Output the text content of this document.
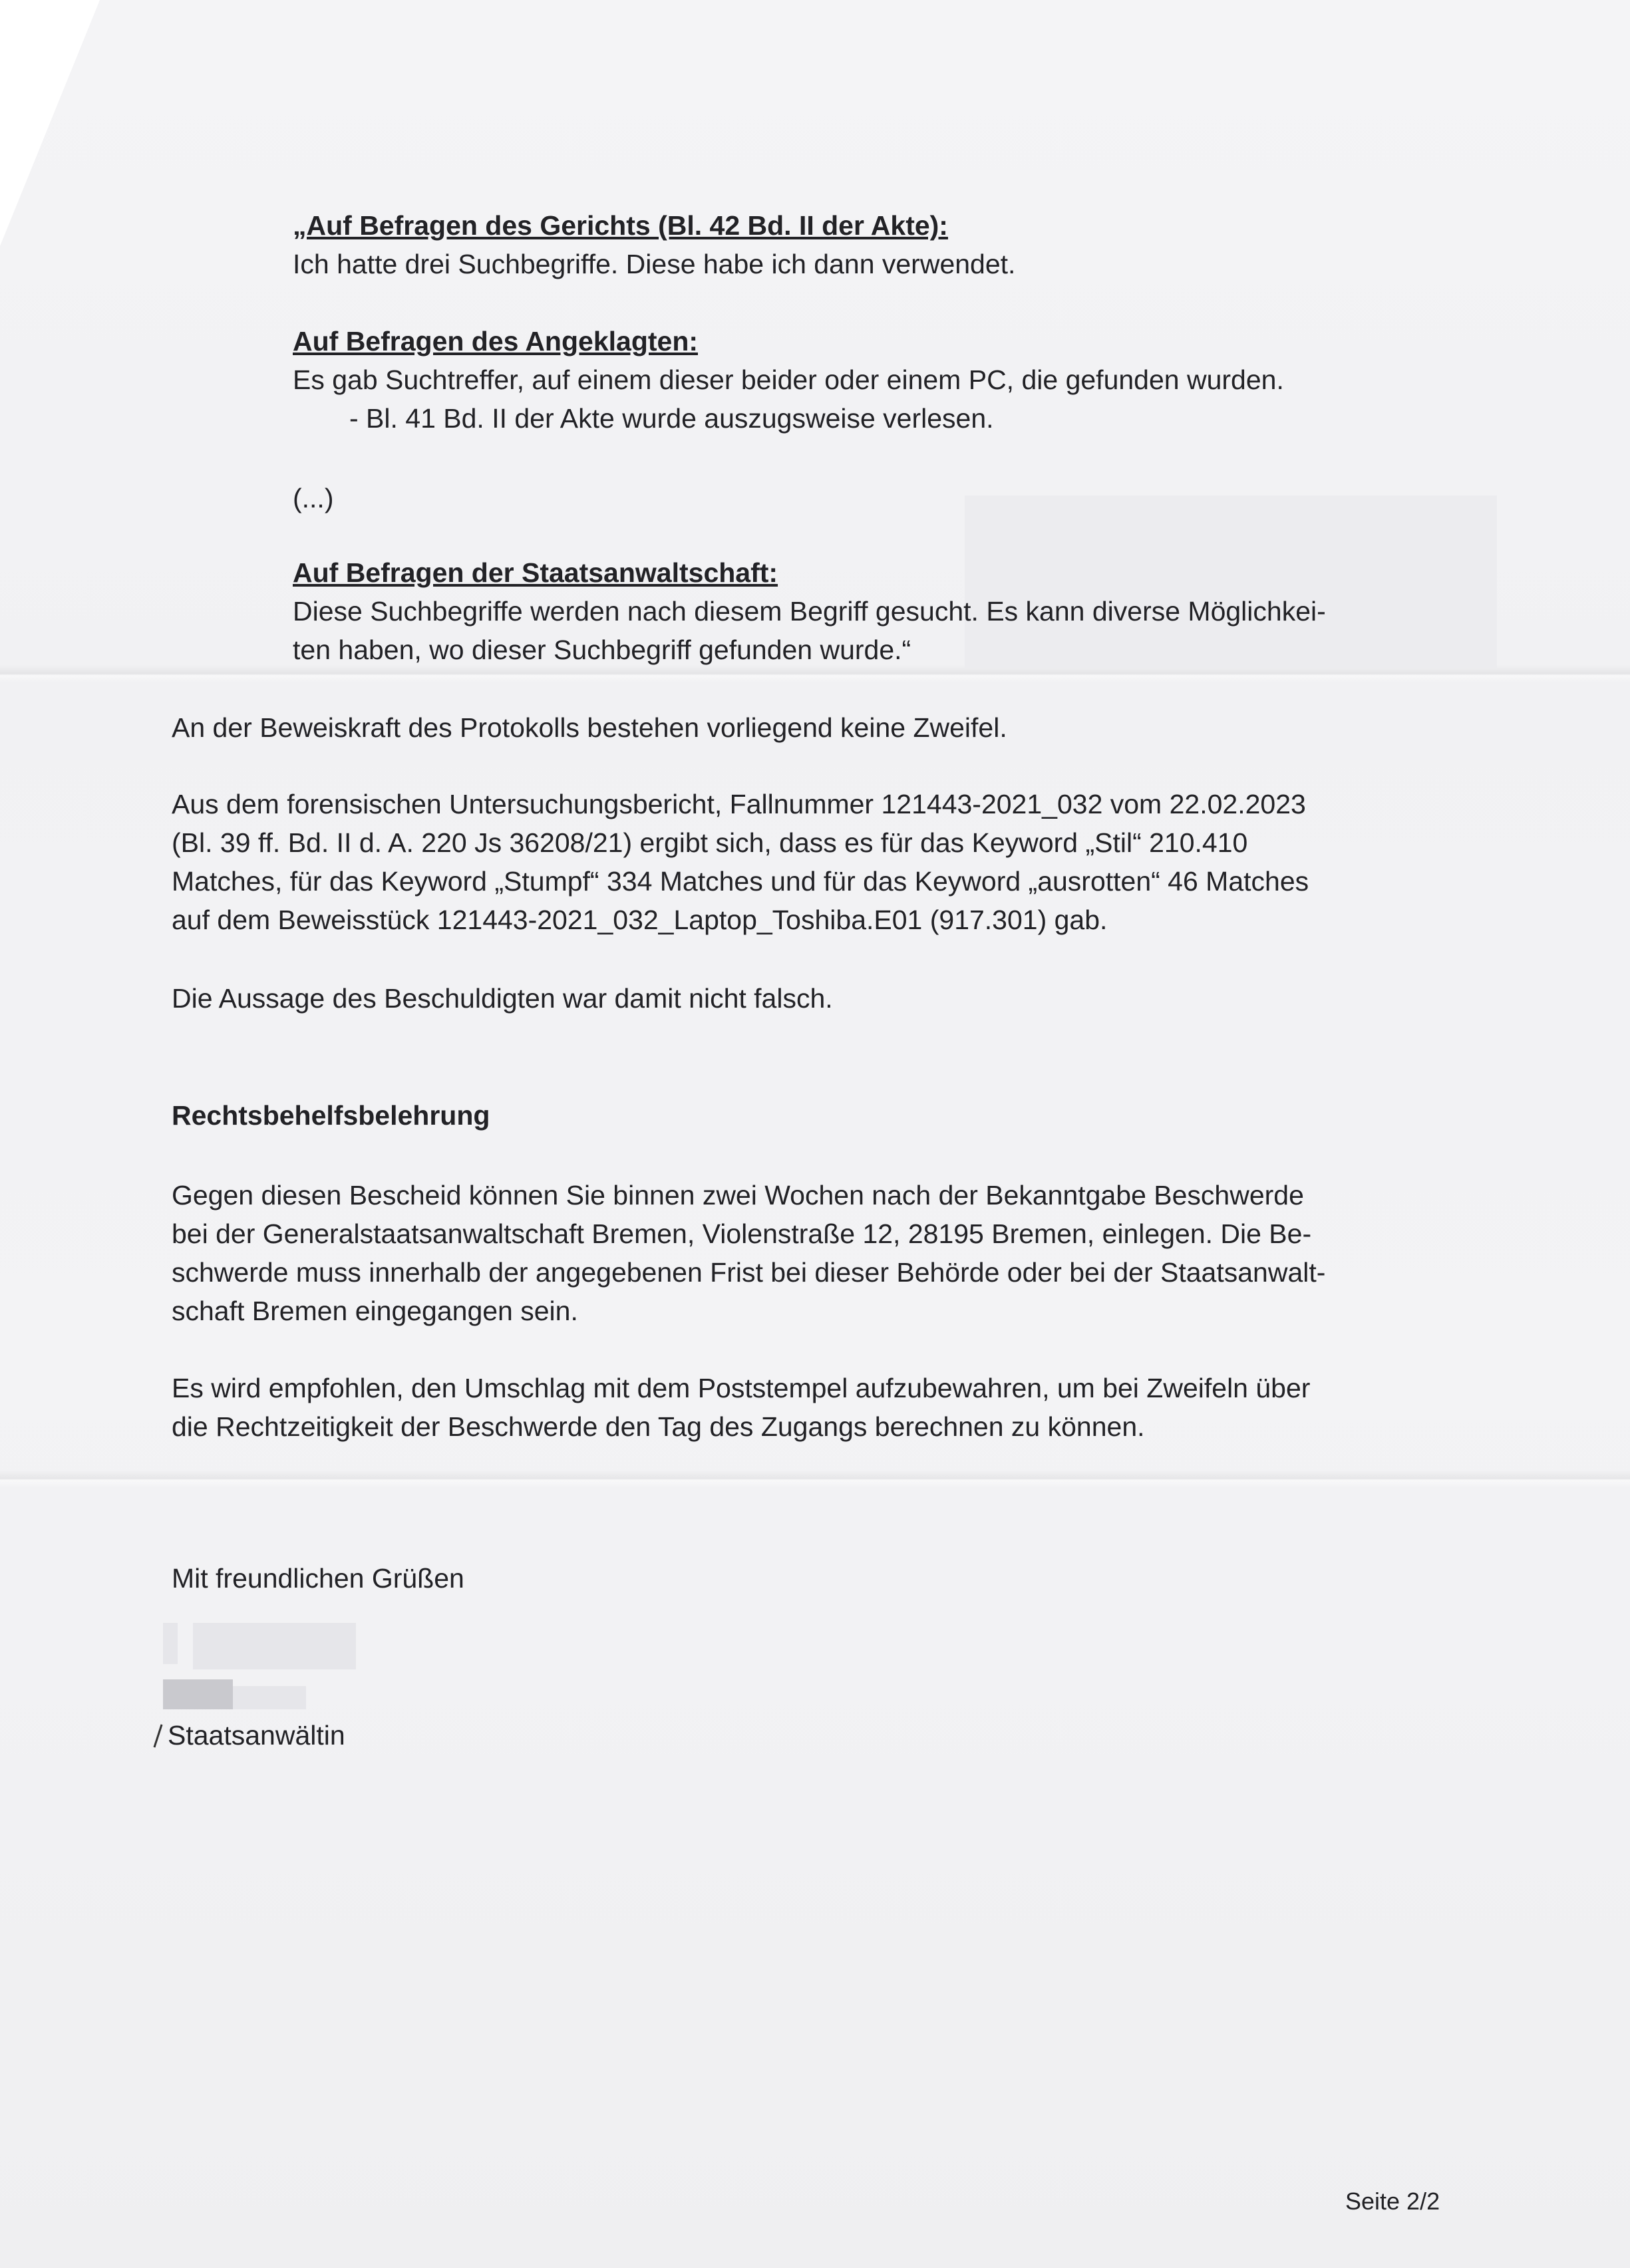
„Auf Befragen des Gerichts (Bl. 42 Bd. II der Akte):
Ich hatte drei Suchbegriffe. Diese habe ich dann verwendet.
Auf Befragen des Angeklagten:
Es gab Suchtreffer, auf einem dieser beider oder einem PC, die gefunden wurden.
- Bl. 41 Bd. II der Akte wurde auszugsweise verlesen.
(...)
Auf Befragen der Staatsanwaltschaft:
Diese Suchbegriffe werden nach diesem Begriff gesucht. Es kann diverse Möglichkei-
ten haben, wo dieser Suchbegriff gefunden wurde.“
An der Beweiskraft des Protokolls bestehen vorliegend keine Zweifel.
Aus dem forensischen Untersuchungsbericht, Fallnummer 121443-2021_032 vom 22.02.2023
(Bl. 39 ff. Bd. II d. A. 220 Js 36208/21) ergibt sich, dass es für das Keyword „Stil“ 210.410
Matches, für das Keyword „Stumpf“ 334 Matches und für das Keyword „ausrotten“ 46 Matches
auf dem Beweisstück 121443-2021_032_Laptop_Toshiba.E01 (917.301) gab.
Die Aussage des Beschuldigten war damit nicht falsch.
Rechtsbehelfsbelehrung
Gegen diesen Bescheid können Sie binnen zwei Wochen nach der Bekanntgabe Beschwerde
bei der Generalstaatsanwaltschaft Bremen, Violenstraße 12, 28195 Bremen, einlegen. Die Be-
schwerde muss innerhalb der angegebenen Frist bei dieser Behörde oder bei der Staatsanwalt-
schaft Bremen eingegangen sein.
Es wird empfohlen, den Umschlag mit dem Poststempel aufzubewahren, um bei Zweifeln über
die Rechtzeitigkeit der Beschwerde den Tag des Zugangs berechnen zu können.
Mit freundlichen Grüßen
Staatsanwältin
Seite 2/2
